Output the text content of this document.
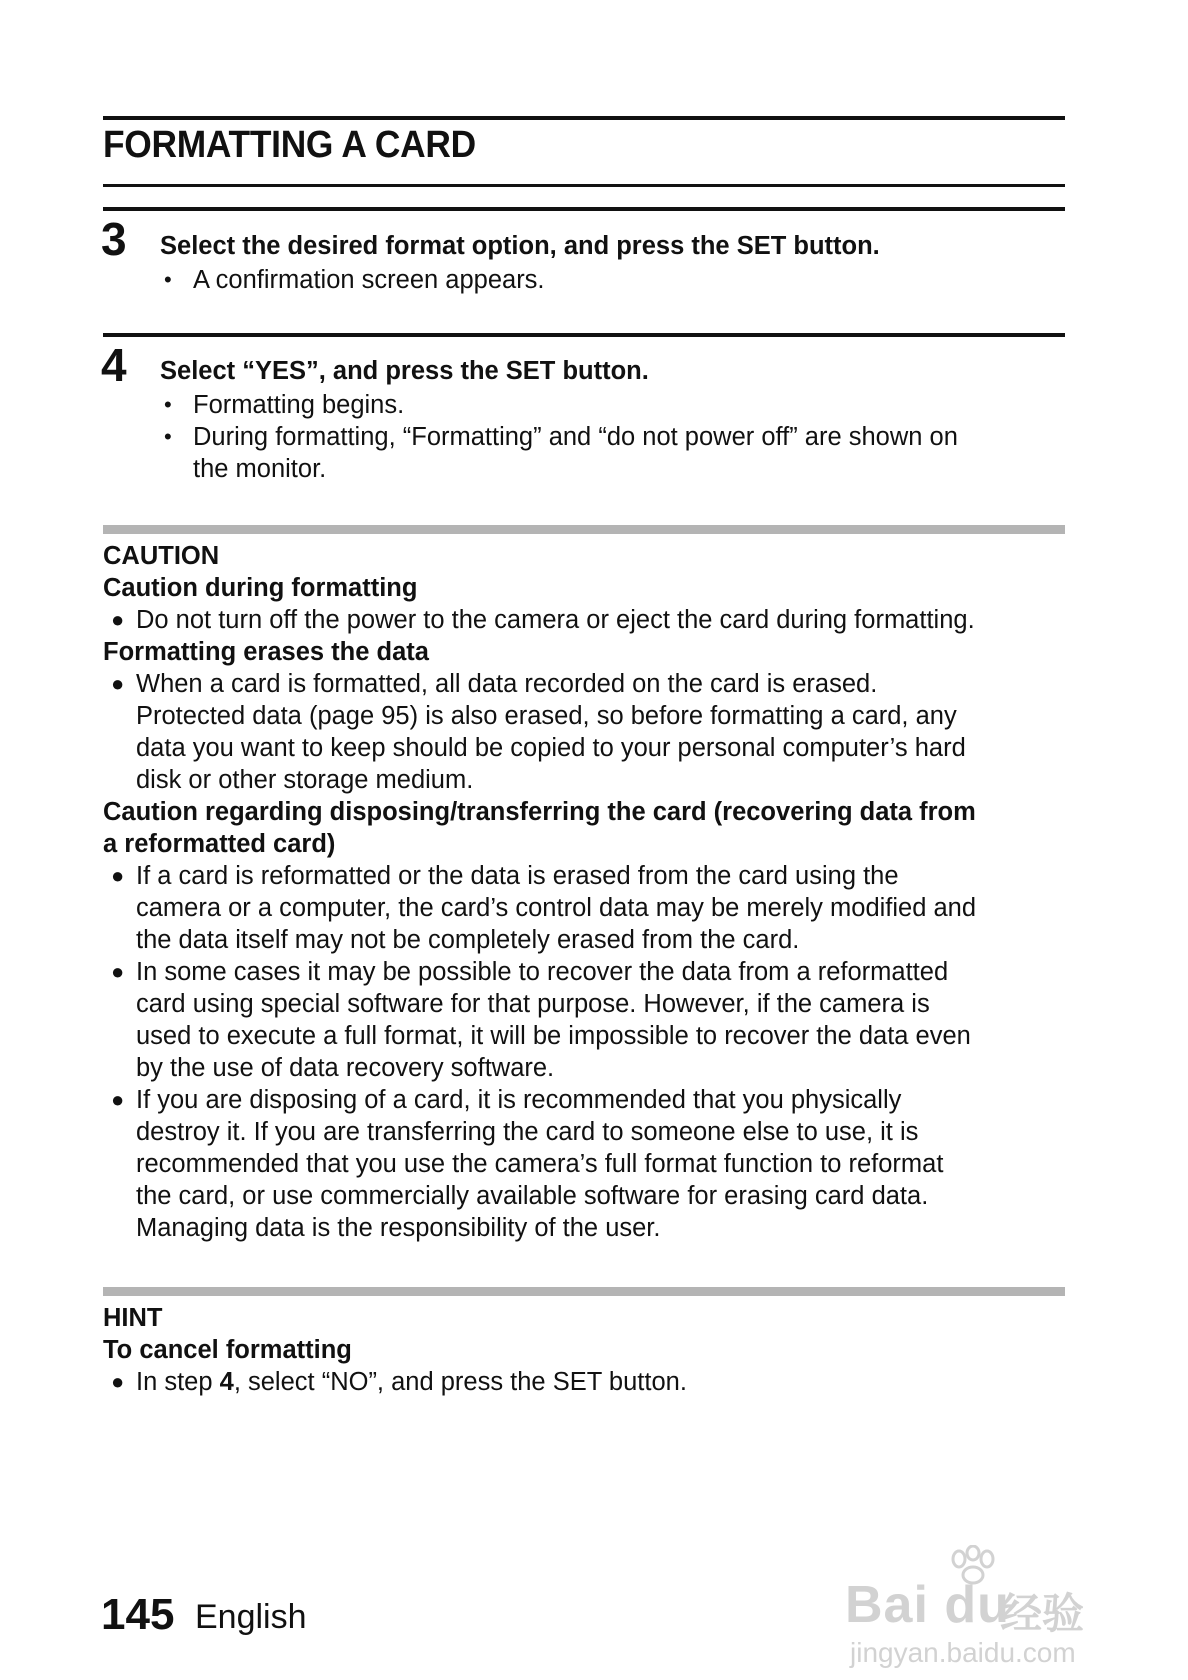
FORMATTING A CARD
3 Select the desired format option, and press the SET button.
• A confirmation screen appears.
4 Select “YES”, and press the SET button.
• Formatting begins.
• During formatting, “Formatting” and “do not power off” are shown on
the monitor.
CAUTION
Caution during formatting
● Do not turn off the power to the camera or eject the card during formatting.
Formatting erases the data
● When a card is formatted, all data recorded on the card is erased.
Protected data (page 95) is also erased, so before formatting a card, any
data you want to keep should be copied to your personal computer’s hard
disk or other storage medium.
Caution regarding disposing/transferring the card (recovering data from
a reformatted card)
● If a card is reformatted or the data is erased from the card using the
camera or a computer, the card’s control data may be merely modified and
the data itself may not be completely erased from the card.
● In some cases it may be possible to recover the data from a reformatted
card using special software for that purpose. However, if the camera is
used to execute a full format, it will be impossible to recover the data even
by the use of data recovery software.
● If you are disposing of a card, it is recommended that you physically
destroy it. If you are transferring the card to someone else to use, it is
recommended that you use the camera’s full format function to reformat
the card, or use commercially available software for erasing card data.
Managing data is the responsibility of the user.
HINT
To cancel formatting
● In step 4, select “NO”, and press the SET button.
145 English	Bai du
经验
jingyan.baidu.com
